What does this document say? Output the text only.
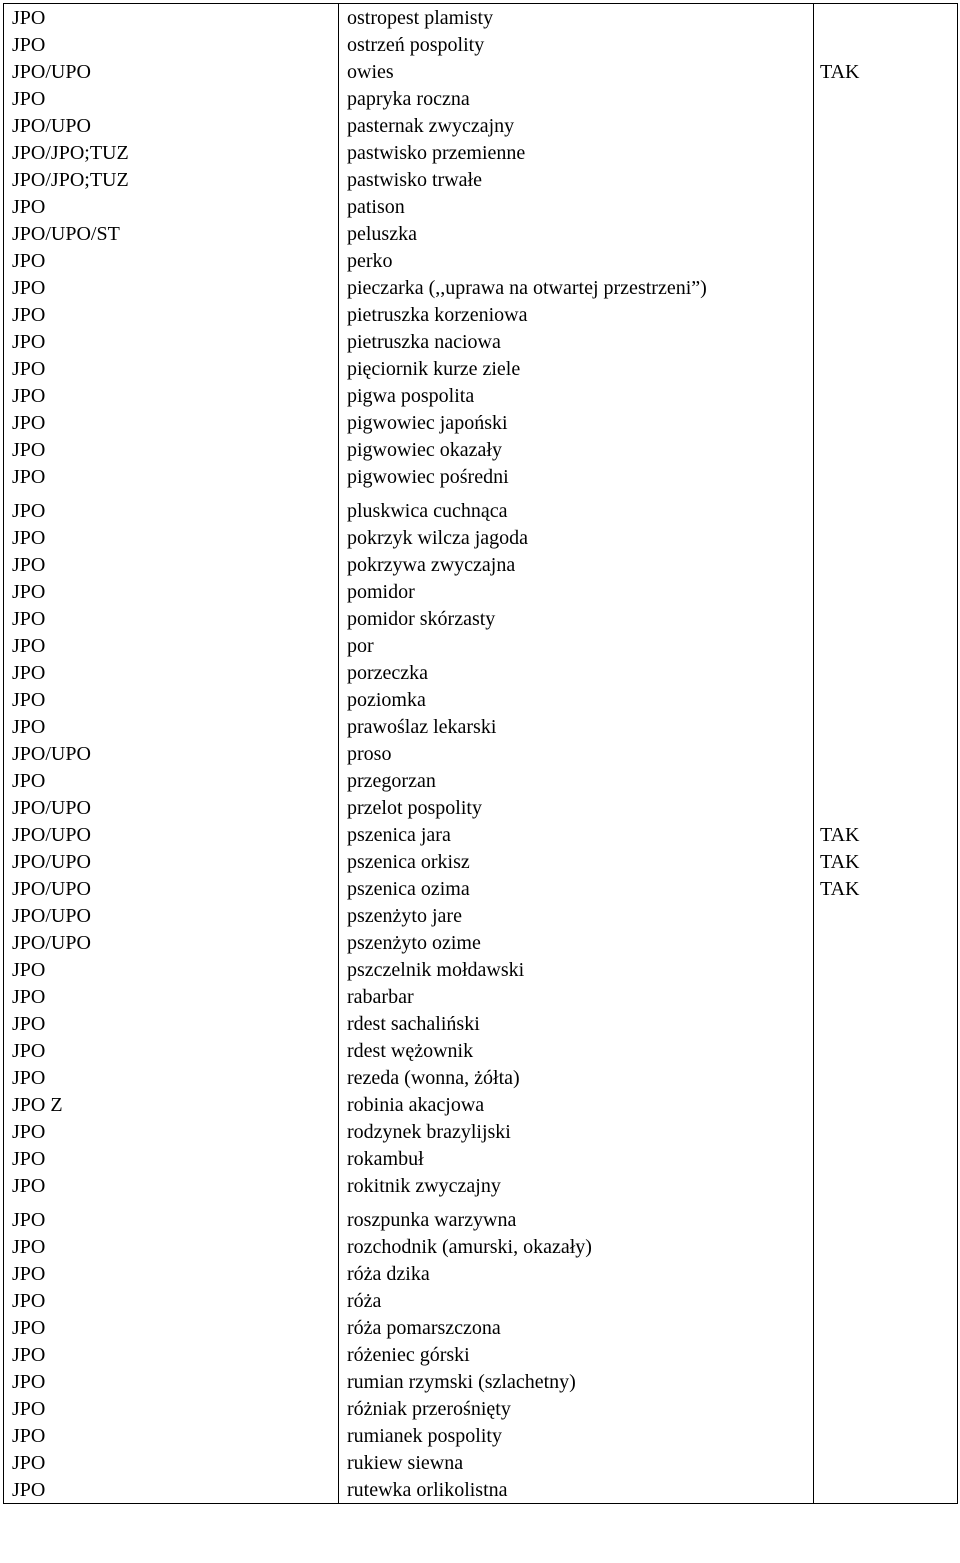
JPO	ostropest plamisty	
JPO	ostrzeń pospolity	
JPO/UPO	owies	TAK
JPO	papryka roczna	
JPO/UPO	pasternak zwyczajny	
JPO/JPO;TUZ	pastwisko przemienne	
JPO/JPO;TUZ	pastwisko trwałe	
JPO	patison	
JPO/UPO/ST	peluszka	
JPO	perko	
JPO	pieczarka (,,uprawa na otwartej przestrzeni”)	
JPO	pietruszka korzeniowa	
JPO	pietruszka naciowa	
JPO	pięciornik kurze ziele	
JPO	pigwa pospolita	
JPO	pigwowiec japoński	
JPO	pigwowiec okazały	
JPO	pigwowiec pośredni	
JPO	pluskwica cuchnąca	
JPO	pokrzyk wilcza jagoda	
JPO	pokrzywa zwyczajna	
JPO	pomidor	
JPO	pomidor skórzasty	
JPO	por	
JPO	porzeczka	
JPO	poziomka	
JPO	prawoślaz lekarski	
JPO/UPO	proso	
JPO	przegorzan	
JPO/UPO	przelot pospolity	
JPO/UPO	pszenica jara	TAK
JPO/UPO	pszenica orkisz	TAK
JPO/UPO	pszenica ozima	TAK
JPO/UPO	pszenżyto jare	
JPO/UPO	pszenżyto ozime	
JPO	pszczelnik mołdawski	
JPO	rabarbar	
JPO	rdest sachaliński	
JPO	rdest wężownik	
JPO	rezeda (wonna, żółta)	
JPO Z	robinia akacjowa	
JPO	rodzynek brazylijski	
JPO	rokambuł	
JPO	rokitnik zwyczajny	
JPO	roszpunka warzywna	
JPO	rozchodnik (amurski, okazały)	
JPO	róża dzika	
JPO	róża	
JPO	róża pomarszczona	
JPO	różeniec górski	
JPO	rumian rzymski (szlachetny)	
JPO	różniak przerośnięty	
JPO	rumianek pospolity	
JPO	rukiew siewna	
JPO	rutewka orlikolistna	
